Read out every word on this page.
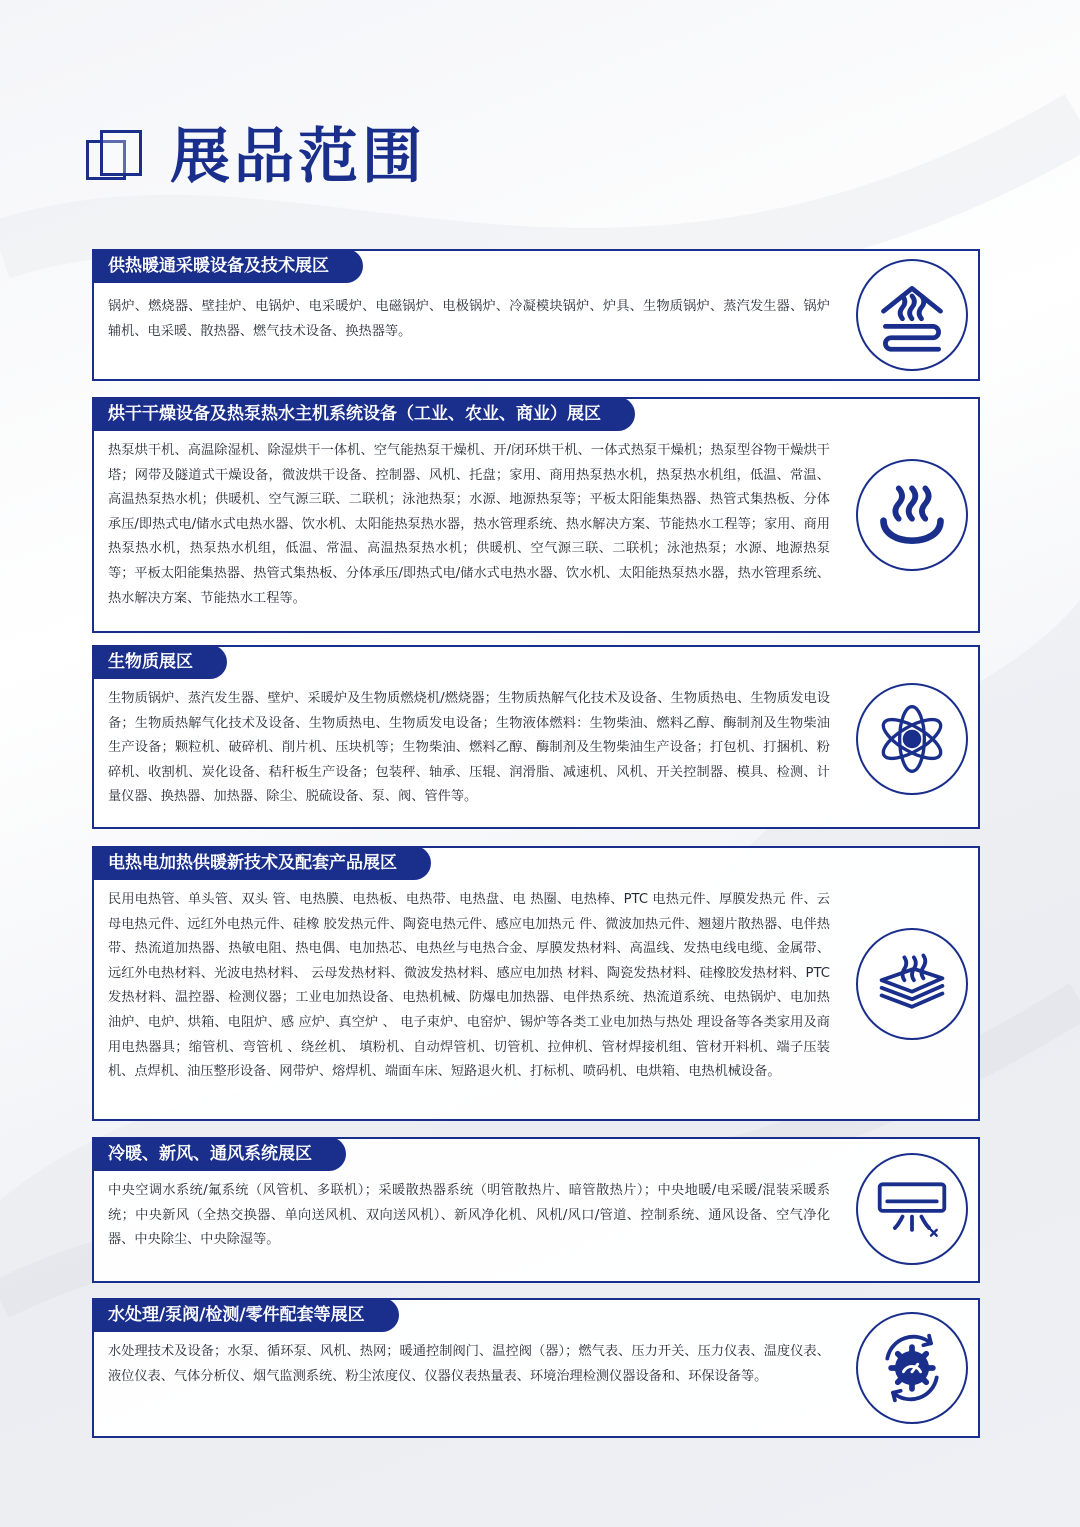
展品范围
供热暖通采暖设备及技术展区
锅炉、燃烧器、壁挂炉、电锅炉、电采暖炉、电磁锅炉、电极锅炉、冷凝模块锅炉、炉具、生物质锅炉、蒸汽发生器、锅炉辅机、电采暖、散热器、燃气技术设备、换热器等。
烘干干燥设备及热泵热水主机系统设备（工业、农业、商业）展区
热泵烘干机、高温除湿机、除湿烘干一体机、空气能热泵干燥机、开/闭环烘干机、一体式热泵干燥机；热泵型谷物干燥烘干塔；网带及隧道式干燥设备，微波烘干设备、控制器、风机、托盘；家用、商用热泵热水机，热泵热水机组，低温、常温、高温热泵热水机；供暖机、空气源三联、二联机；泳池热泵；水源、地源热泵等；平板太阳能集热器、热管式集热板、分体承压/即热式电/储水式电热水器、饮水机、太阳能热泵热水器，热水管理系统、热水解决方案、节能热水工程等；家用、商用热泵热水机，热泵热水机组，低温、常温、高温热泵热水机；供暖机、空气源三联、二联机；泳池热泵；水源、地源热泵等；平板太阳能集热器、热管式集热板、分体承压/即热式电/储水式电热水器、饮水机、太阳能热泵热水器，热水管理系统、热水解决方案、节能热水工程等。
生物质展区
生物质锅炉、蒸汽发生器、壁炉、采暖炉及生物质燃烧机/燃烧器；生物质热解气化技术及设备、生物质热电、生物质发电设备；生物质热解气化技术及设备、生物质热电、生物质发电设备；生物液体燃料：生物柴油、燃料乙醇、酶制剂及生物柴油生产设备；颗粒机、破碎机、削片机、压块机等；生物柴油、燃料乙醇、酶制剂及生物柴油生产设备；打包机、打捆机、粉碎机、收割机、炭化设备、秸秆板生产设备；包装秤、轴承、压辊、润滑脂、减速机、风机、开关控制器、模具、检测、计量仪器、换热器、加热器、除尘、脱硫设备、泵、阀、管件等。
电热电加热供暖新技术及配套产品展区
民用电热管、单头管、双头 管、电热膜、电热板、电热带、电热盘、电 热圈、电热棒、PTC 电热元件、厚膜发热元 件、云母电热元件、远红外电热元件、硅橡 胶发热元件、陶瓷电热元件、感应电加热元 件、微波加热元件、翘翅片散热器、电伴热带、热流道加热器、热敏电阻、热电偶、电加热芯、电热丝与电热合金、厚膜发热材料、高温线、发热电线电缆、金属带、远红外电热材料、光波电热材料、 云母发热材料、微波发热材料、感应电加热 材料、陶瓷发热材料、硅橡胶发热材料、PTC　发热材料、温控器、检测仪器；工业电加热设备、电热机械、防爆电加热器、电伴热系统、热流道系统、电热锅炉、电加热油炉、电炉、烘箱、电阻炉、感 应炉、真空炉 、 电子束炉、电窑炉、锡炉等各类工业电加热与热处 理设备等各类家用及商用电热器具；缩管机、弯管机 、绕丝机、 填粉机、自动焊管机、切管机、拉伸机、管材焊接机组、管材开料机、端子压装机、点焊机、油压整形设备、网带炉、熔焊机、端面车床、短路退火机、打标机、喷码机、电烘箱、电热机械设备。
冷暖、新风、通风系统展区
中央空调水系统/氟系统（风管机、多联机）；采暖散热器系统（明管散热片、暗管散热片）；中央地暖/电采暖/混装采暖系统；中央新风（全热交换器、单向送风机、双向送风机）、新风净化机、风机/风口/管道、控制系统、通风设备、空气净化器、中央除尘、中央除湿等。
水处理/泵阀/检测/零件配套等展区
水处理技术及设备；水泵、循环泵、风机、热网；暖通控制阀门、温控阀（器）；燃气表、压力开关、压力仪表、温度仪表、液位仪表、气体分析仪、烟气监测系统、粉尘浓度仪、仪器仪表热量表、环境治理检测仪器设备和、环保设备等。
